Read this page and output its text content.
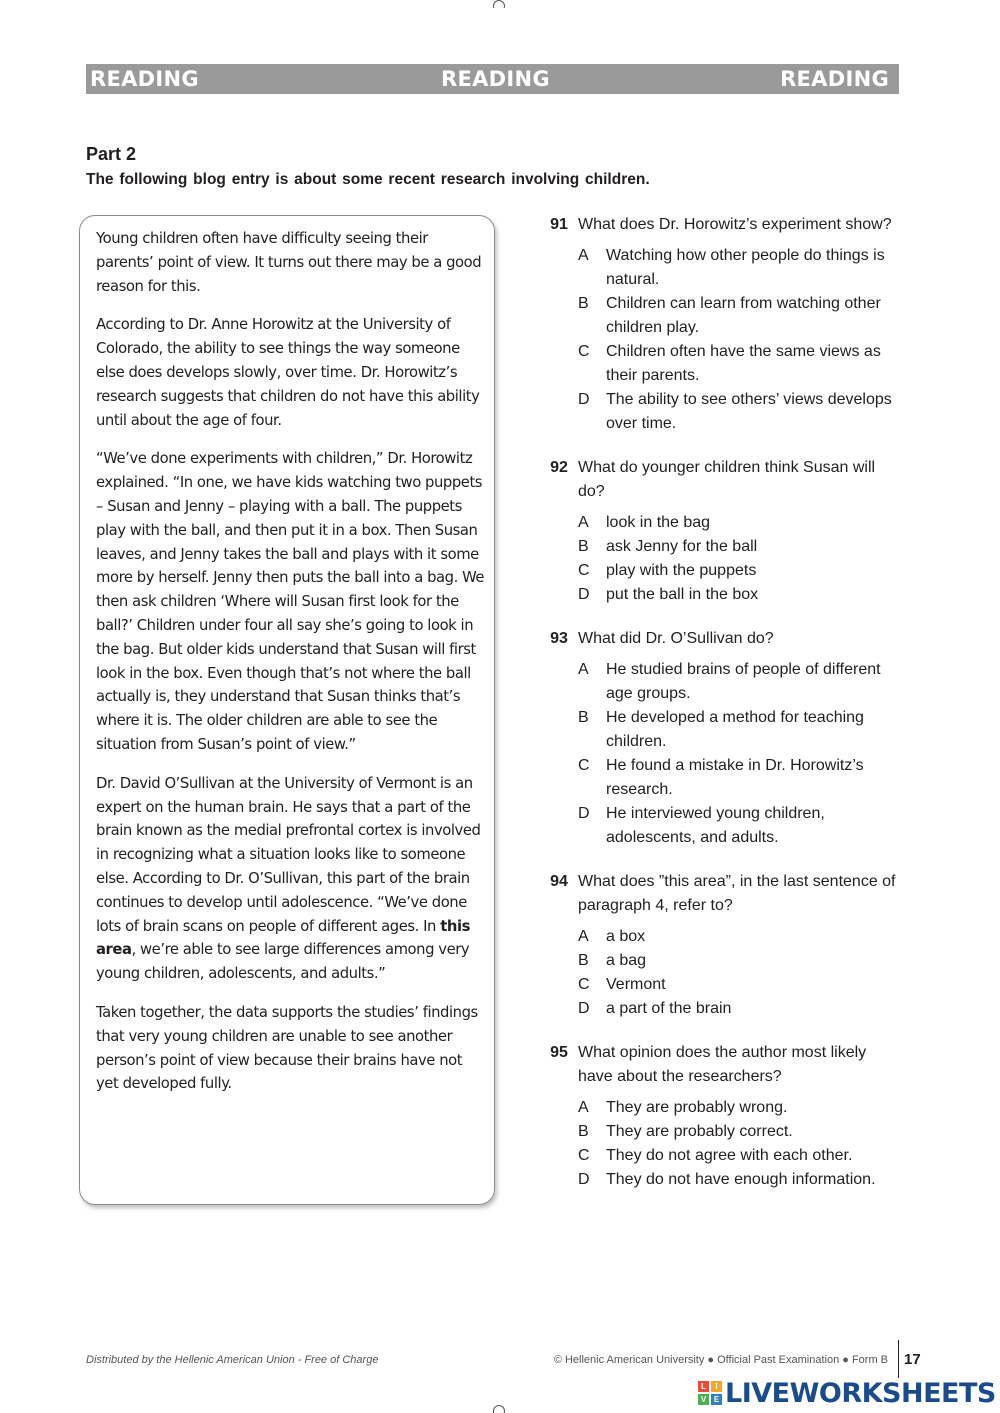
READING	READING	READING
Part 2
The following blog entry is about some recent research involving children.

Young children often have difficulty seeing their parents’ point of view. It turns out there may be a good reason for this.

According to Dr. Anne Horowitz at the University of Colorado, the ability to see things the way someone else does develops slowly, over time. Dr. Horowitz’s research suggests that children do not have this ability until about the age of four.

“We’ve done experiments with children,” Dr. Horowitz explained. “In one, we have kids watching two puppets – Susan and Jenny – playing with a ball. The puppets play with the ball, and then put it in a box. Then Susan leaves, and Jenny takes the ball and plays with it some more by herself. Jenny then puts the ball into a bag. We then ask children ‘Where will Susan first look for the ball?’ Children under four all say she’s going to look in the bag. But older kids understand that Susan will first look in the box. Even though that’s not where the ball actually is, they understand that Susan thinks that’s where it is. The older children are able to see the situation from Susan’s point of view.”

Dr. David O’Sullivan at the University of Vermont is an expert on the human brain. He says that a part of the brain known as the medial prefrontal cortex is involved in recognizing what a situation looks like to someone else. According to Dr. O’Sullivan, this part of the brain continues to develop until adolescence. “We’ve done lots of brain scans on people of different ages. In this area, we’re able to see large differences among very young children, adolescents, and adults.”

Taken together, the data supports the studies’ findings that very young children are unable to see another person’s point of view because their brains have not yet developed fully.

91 What does Dr. Horowitz’s experiment show?
A	Watching how other people do things is natural.
B	Children can learn from watching other children play.
C	Children often have the same views as their parents.
D	The ability to see others’ views develops over time.
92 What do younger children think Susan will do?
A	look in the bag
B	ask Jenny for the ball
C	play with the puppets
D	put the ball in the box
93 What did Dr. O’Sullivan do?
A	He studied brains of people of different age groups.
B	He developed a method for teaching children.
C	He found a mistake in Dr. Horowitz’s research.
D	He interviewed young children, adolescents, and adults.
94 What does ”this area”, in the last sentence of paragraph 4, refer to?
A	a box
B	a bag
C	Vermont
D	a part of the brain
95 What opinion does the author most likely have about the researchers?
A	They are probably wrong.
B	They are probably correct.
C	They do not agree with each other.
D	They do not have enough information.
Distributed by the Hellenic American Union - Free of Charge	© Hellenic American University ● Official Past Examination ● Form B 17
L	I
V E LIVEWORKSHEETS
